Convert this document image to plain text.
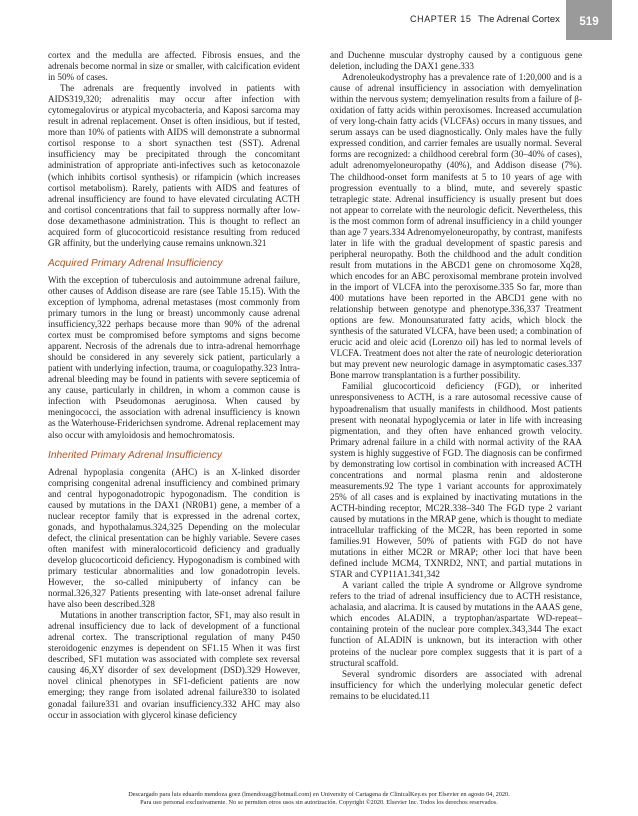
CHAPTER 15 The Adrenal Cortex	519

cortex and the medulla are affected. Fibrosis ensues, and the adrenals become normal in size or smaller, with calcification evident in 50% of cases.

The adrenals are frequently involved in patients with AIDS319,320; adrenalitis may occur after infection with cytomegalovirus or atypical mycobacteria, and Kaposi sarcoma may result in adrenal replacement. Onset is often insidious, but if tested, more than 10% of patients with AIDS will demonstrate a subnormal cortisol response to a short synacthen test (SST). Adrenal insufficiency may be precipitated through the concomitant administration of appropriate anti-infectives such as ketoconazole (which inhibits cortisol synthesis) or rifampicin (which increases cortisol metabolism). Rarely, patients with AIDS and features of adrenal insufficiency are found to have elevated circulating ACTH and cortisol concentrations that fail to suppress normally after low-dose dexamethasone administration. This is thought to reflect an acquired form of glucocorticoid resistance resulting from reduced GR affinity, but the underlying cause remains unknown.321

Acquired Primary Adrenal Insufficiency

With the exception of tuberculosis and autoimmune adrenal failure, other causes of Addison disease are rare (see Table 15.15). With the exception of lymphoma, adrenal metastases (most commonly from primary tumors in the lung or breast) uncommonly cause adrenal insufficiency,322 perhaps because more than 90% of the adrenal cortex must be compromised before symptoms and signs become apparent. Necrosis of the adrenals due to intra-adrenal hemorrhage should be considered in any severely sick patient, particularly a patient with underlying infection, trauma, or coagulopathy.323 Intra-adrenal bleeding may be found in patients with severe septicemia of any cause, particularly in children, in whom a common cause is infection with Pseudomonas aeruginosa. When caused by meningococci, the association with adrenal insufficiency is known as the Waterhouse-Friderichsen syndrome. Adrenal replacement may also occur with amyloidosis and hemochromatosis.

Inherited Primary Adrenal Insufficiency

Adrenal hypoplasia congenita (AHC) is an X-linked disorder comprising congenital adrenal insufficiency and combined primary and central hypogonadotropic hypogonadism. The condition is caused by mutations in the DAX1 (NR0B1) gene, a member of a nuclear receptor family that is expressed in the adrenal cortex, gonads, and hypothalamus.324,325 Depending on the molecular defect, the clinical presentation can be highly variable. Severe cases often manifest with mineralocorticoid deficiency and gradually develop glucocorticoid deficiency. Hypogonadism is combined with primary testicular abnormalities and low gonadotropin levels. However, the so-called minipuberty of infancy can be normal.326,327 Patients presenting with late-onset adrenal failure have also been described.328

Mutations in another transcription factor, SF1, may also result in adrenal insufficiency due to lack of development of a functional adrenal cortex. The transcriptional regulation of many P450 steroidogenic enzymes is dependent on SF1.15 When it was first described, SF1 mutation was associated with complete sex reversal causing 46,XY disorder of sex development (DSD).329 However, novel clinical phenotypes in SF1-deficient patients are now emerging; they range from isolated adrenal failure330 to isolated gonadal failure331 and ovarian insufficiency.332 AHC may also occur in association with glycerol kinase deficiency

and Duchenne muscular dystrophy caused by a contiguous gene deletion, including the DAX1 gene.333

Adrenoleukodystrophy has a prevalence rate of 1:20,000 and is a cause of adrenal insufficiency in association with demyelination within the nervous system; demyelination results from a failure of β-oxidation of fatty acids within peroxisomes. Increased accumulation of very long-chain fatty acids (VLCFAs) occurs in many tissues, and serum assays can be used diagnostically. Only males have the fully expressed condition, and carrier females are usually normal. Several forms are recognized: a childhood cerebral form (30–40% of cases), adult adrenomyeloneuropathy (40%), and Addison disease (7%). The childhood-onset form manifests at 5 to 10 years of age with progression eventually to a blind, mute, and severely spastic tetraplegic state. Adrenal insufficiency is usually present but does not appear to correlate with the neurologic deficit. Nevertheless, this is the most common form of adrenal insufficiency in a child younger than age 7 years.334 Adrenomyeloneuropathy, by contrast, manifests later in life with the gradual development of spastic paresis and peripheral neuropathy. Both the childhood and the adult condition result from mutations in the ABCD1 gene on chromosome Xq28, which encodes for an ABC peroxisomal membrane protein involved in the import of VLCFA into the peroxisome.335 So far, more than 400 mutations have been reported in the ABCD1 gene with no relationship between genotype and phenotype.336,337 Treatment options are few. Monounsaturated fatty acids, which block the synthesis of the saturated VLCFA, have been used; a combination of erucic acid and oleic acid (Lorenzo oil) has led to normal levels of VLCFA. Treatment does not alter the rate of neurologic deterioration but may prevent new neurologic damage in asymptomatic cases.337 Bone marrow transplantation is a further possibility.

Familial glucocorticoid deficiency (FGD), or inherited unresponsiveness to ACTH, is a rare autosomal recessive cause of hypoadrenalism that usually manifests in childhood. Most patients present with neonatal hypoglycemia or later in life with increasing pigmentation, and they often have enhanced growth velocity. Primary adrenal failure in a child with normal activity of the RAA system is highly suggestive of FGD. The diagnosis can be confirmed by demonstrating low cortisol in combination with increased ACTH concentrations and normal plasma renin and aldosterone measurements.92 The type 1 variant accounts for approximately 25% of all cases and is explained by inactivating mutations in the ACTH-binding receptor, MC2R.338–340 The FGD type 2 variant caused by mutations in the MRAP gene, which is thought to mediate intracellular trafficking of the MC2R, has been reported in some families.91 However, 50% of patients with FGD do not have mutations in either MC2R or MRAP; other loci that have been defined include MCM4, TXNRD2, NNT, and partial mutations in STAR and CYP11A1.341,342

A variant called the triple A syndrome or Allgrove syndrome refers to the triad of adrenal insufficiency due to ACTH resistance, achalasia, and alacrima. It is caused by mutations in the AAAS gene, which encodes ALADIN, a tryptophan/aspartate WD-repeat–containing protein of the nuclear pore complex.343,344 The exact function of ALADIN is unknown, but its interaction with other proteins of the nuclear pore complex suggests that it is part of a structural scaffold.

Several syndromic disorders are associated with adrenal insufficiency for which the underlying molecular genetic defect remains to be elucidated.11

Descargado para luis eduardo mendoza goez (lmendozag@hotmail.com) en University of Cartagena de ClinicalKey.es por Elsevier en agosto 04, 2020.
Para uso personal exclusivamente. No se permiten otros usos sin autorización. Copyright ©2020. Elsevier Inc. Todos los derechos reservados.
